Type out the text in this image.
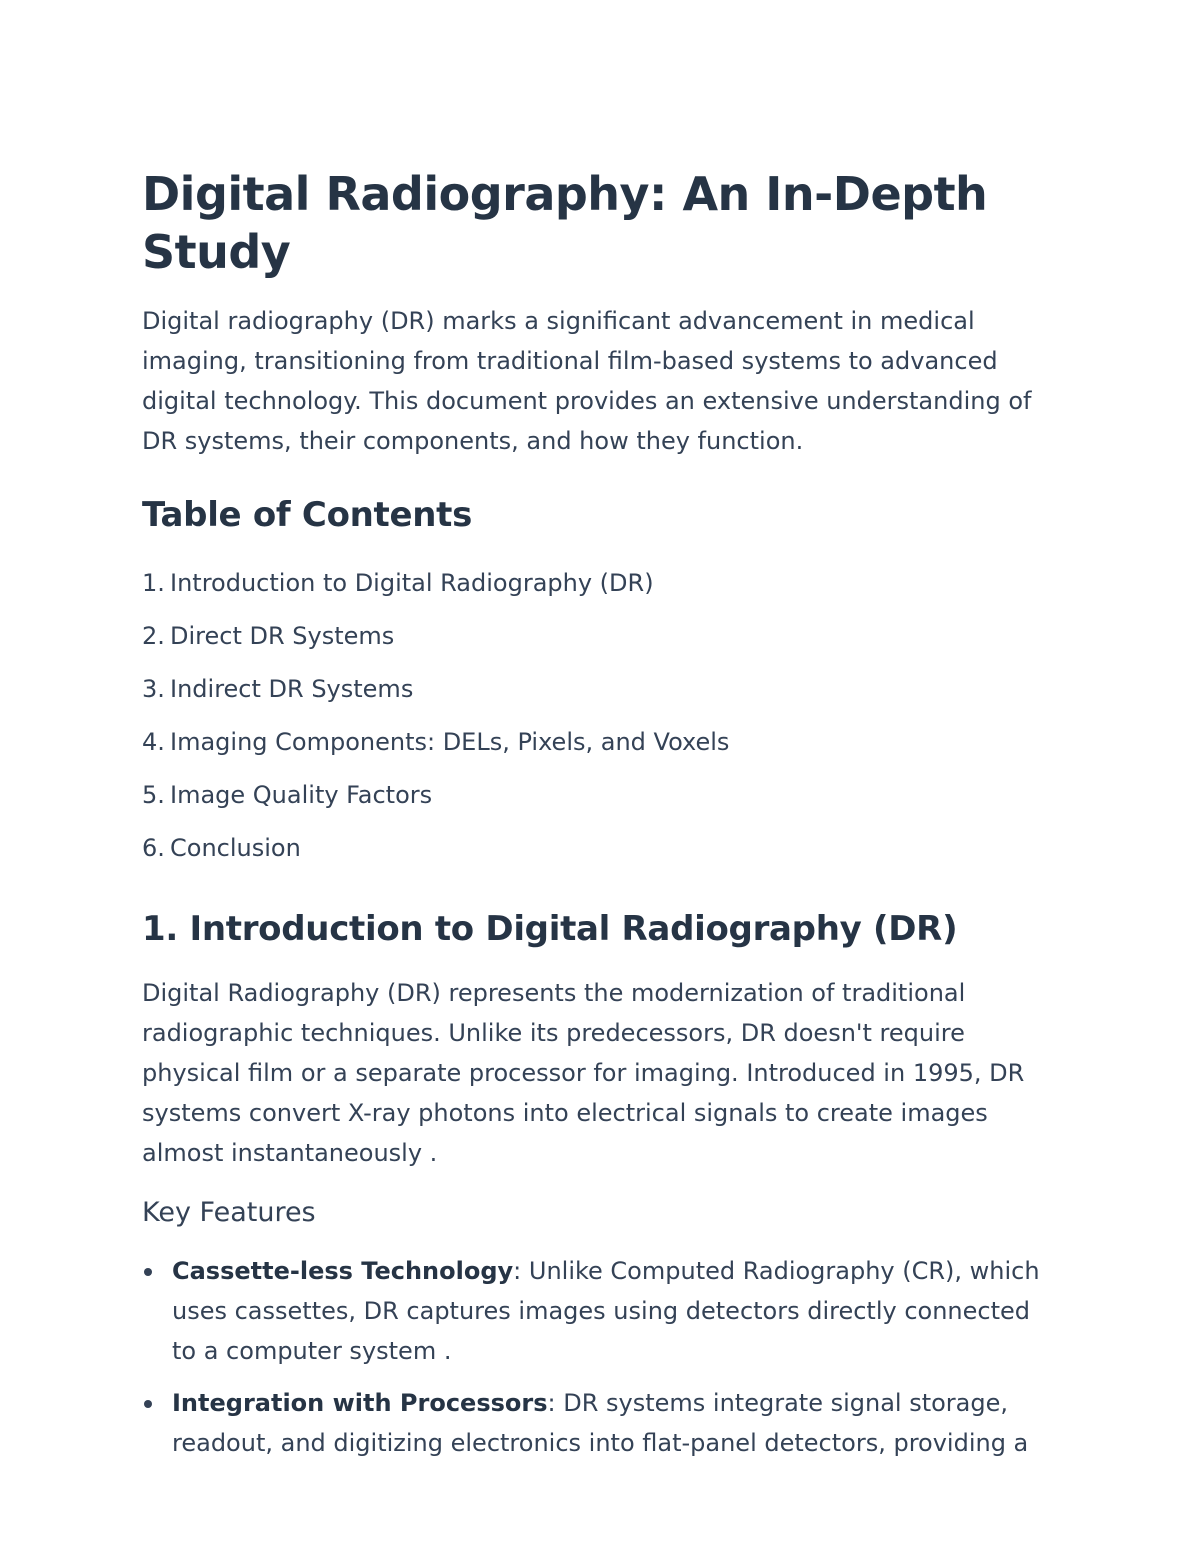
Digital Radiography: An In-Depth Study

Digital radiography (DR) marks a significant advancement in medical imaging, transitioning from traditional film-based systems to advanced digital technology. This document provides an extensive understanding of DR systems, their components, and how they function.

Table of Contents
1. Introduction to Digital Radiography (DR)
2. Direct DR Systems
3. Indirect DR Systems
4. Imaging Components: DELs, Pixels, and Voxels
5. Image Quality Factors
6. Conclusion
1. Introduction to Digital Radiography (DR)

Digital Radiography (DR) represents the modernization of traditional radiographic techniques. Unlike its predecessors, DR doesn't require physical film or a separate processor for imaging. Introduced in 1995, DR systems convert X-ray photons into electrical signals to create images almost instantaneously .

Key Features
Cassette-less Technology: Unlike Computed Radiography (CR), which uses cassettes, DR captures images using detectors directly connected to a computer system .
Integration with Processors: DR systems integrate signal storage, readout, and digitizing electronics into flat-panel detectors, providing a
